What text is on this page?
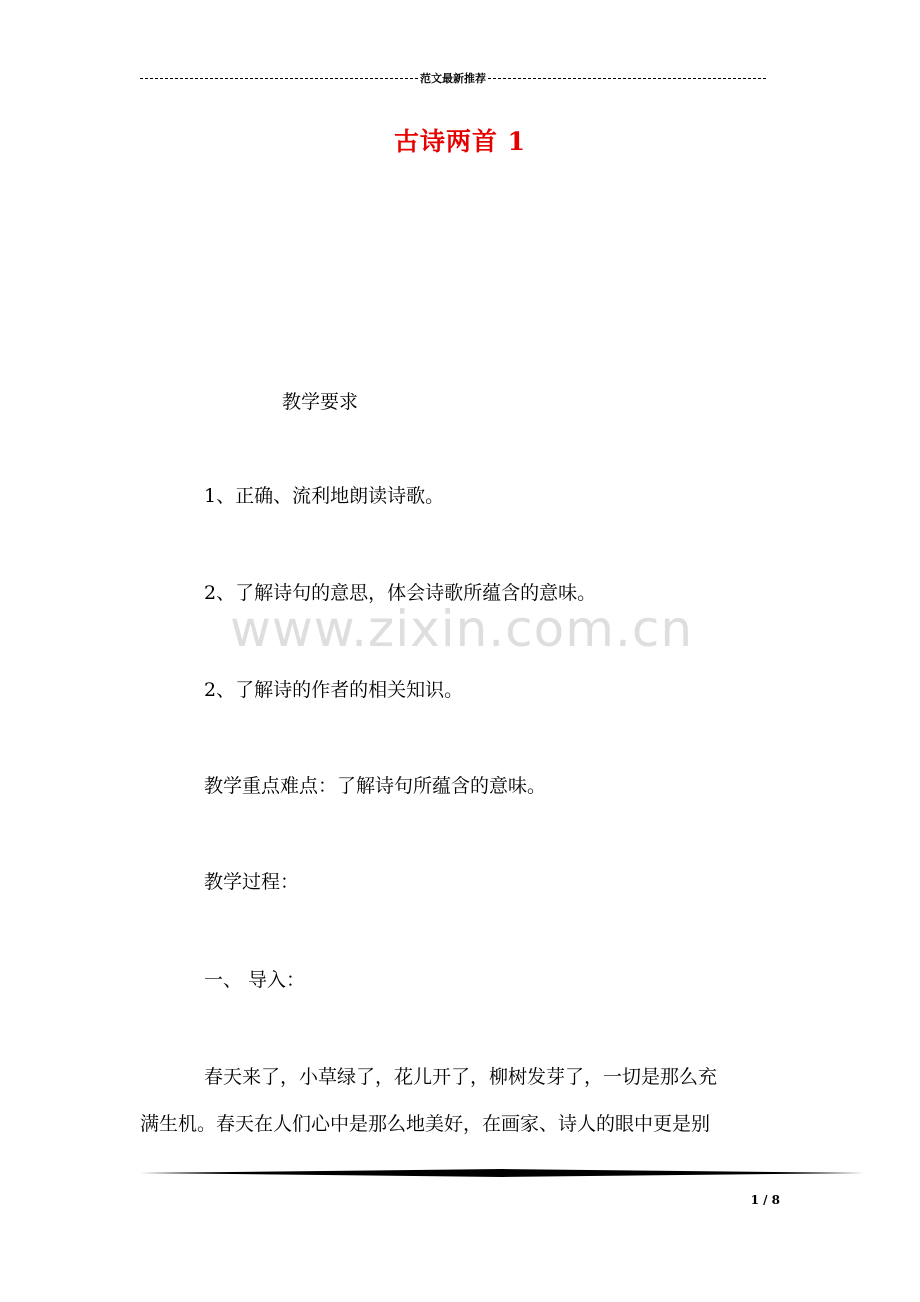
范文最新推荐
古诗两首 1
www.zixin.com.cn
教学要求
1、正确、流利地朗读诗歌。
2、了解诗句的意思，体会诗歌所蕴含的意味。
2、了解诗的作者的相关知识。
教学重点难点：了解诗句所蕴含的意味。
教学过程：
一、 导入：
春天来了，小草绿了，花儿开了，柳树发芽了，一切是那么充
满生机。春天在人们心中是那么地美好，在画家、诗人的眼中更是别
1 / 8
